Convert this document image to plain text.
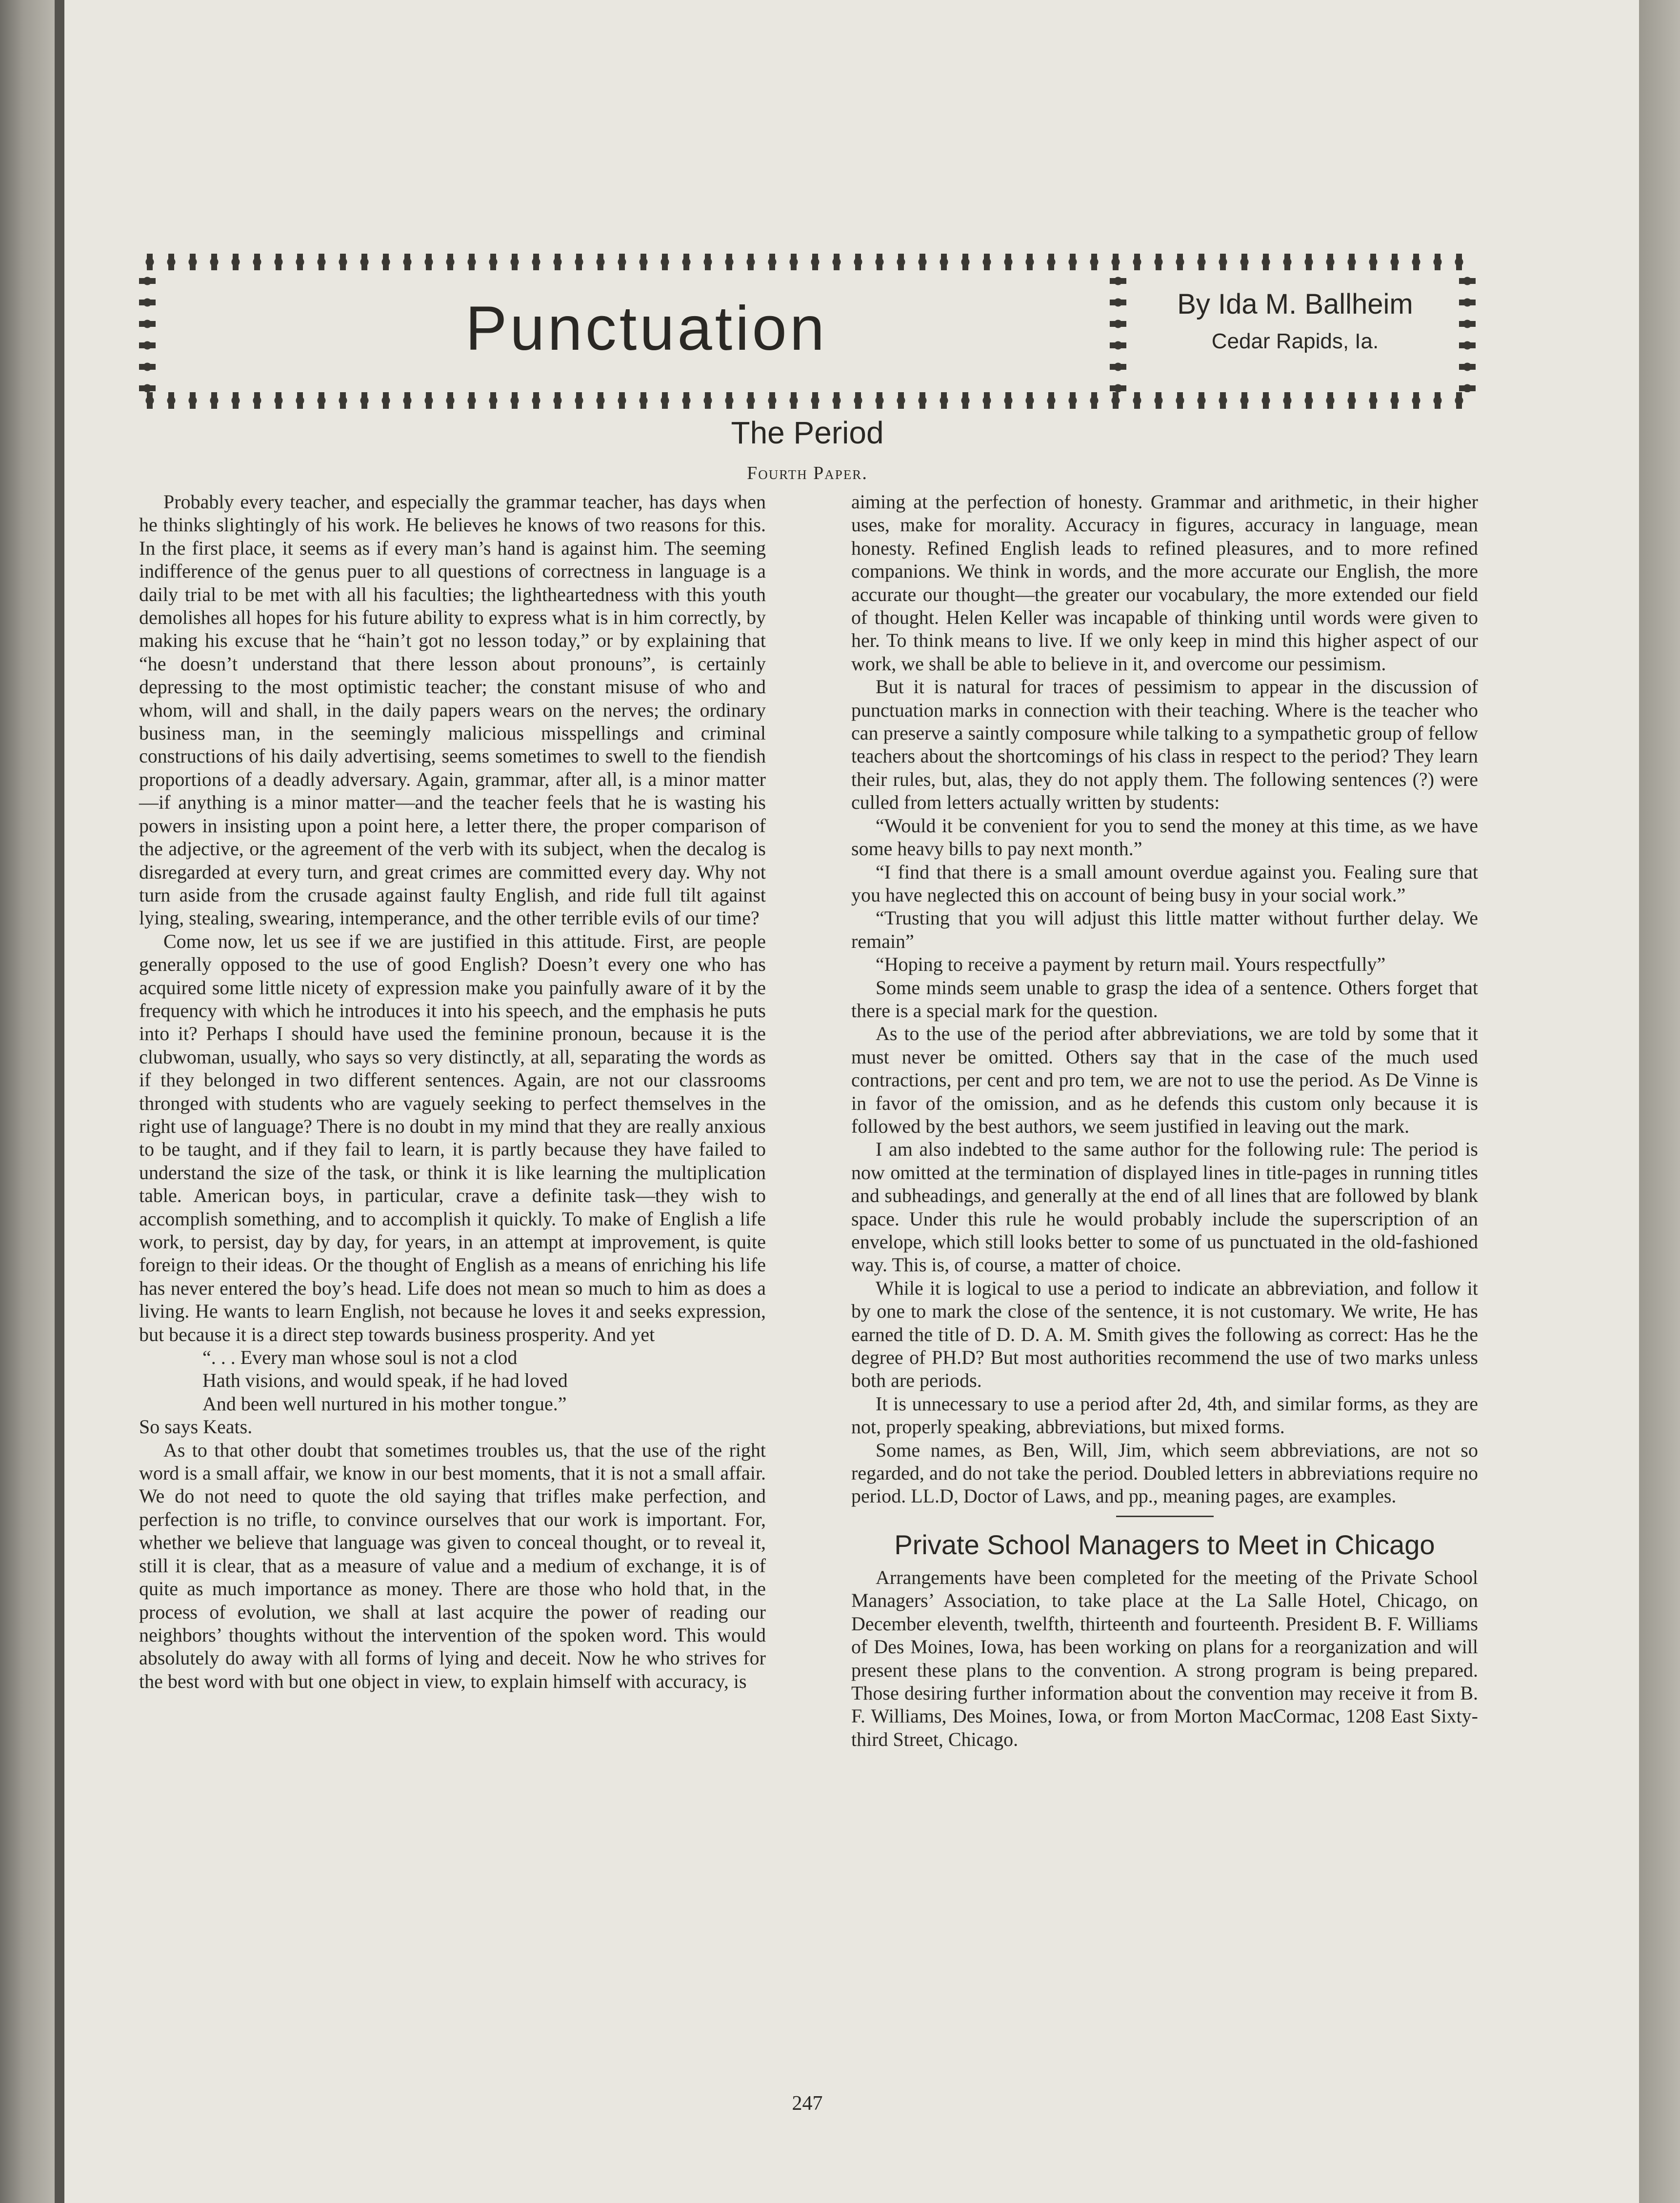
Punctuation	By Ida M. Ballheim
Cedar Rapids, Ia.
The Period
Fourth Paper.

Probably every teacher, and especially the grammar teacher, has days when he thinks slightingly of his work. He believes he knows of two reasons for this. In the first place, it seems as if every man’s hand is against him. The seeming indifference of the genus puer to all questions of correctness in language is a daily trial to be met with all his faculties; the lightheartedness with this youth demolishes all hopes for his future ability to express what is in him correctly, by making his excuse that he “hain’t got no lesson today,” or by explaining that “he doesn’t understand that there lesson about pronouns”, is certainly depressing to the most optimistic teacher; the constant misuse of who and whom, will and shall, in the daily papers wears on the nerves; the ordinary business man, in the seemingly malicious misspellings and criminal constructions of his daily advertising, seems sometimes to swell to the fiendish proportions of a deadly adversary. Again, grammar, after all, is a minor matter—if anything is a minor matter—and the teacher feels that he is wasting his powers in insisting upon a point here, a letter there, the proper comparison of the adjective, or the agreement of the verb with its subject, when the decalog is disregarded at every turn, and great crimes are committed every day. Why not turn aside from the crusade against faulty English, and ride full tilt against lying, stealing, swearing, intemperance, and the other terrible evils of our time?

Come now, let us see if we are justified in this attitude. First, are people generally opposed to the use of good English? Doesn’t every one who has acquired some little nicety of expression make you painfully aware of it by the frequency with which he introduces it into his speech, and the emphasis he puts into it? Perhaps I should have used the feminine pronoun, because it is the clubwoman, usually, who says so very distinctly, at all, separating the words as if they belonged in two different sentences. Again, are not our classrooms thronged with students who are vaguely seeking to perfect themselves in the right use of language? There is no doubt in my mind that they are really anxious to be taught, and if they fail to learn, it is partly because they have failed to understand the size of the task, or think it is like learning the multiplication table. American boys, in particular, crave a definite task—they wish to accomplish something, and to accomplish it quickly. To make of English a life work, to persist, day by day, for years, in an attempt at improvement, is quite foreign to their ideas. Or the thought of English as a means of enriching his life has never entered the boy’s head. Life does not mean so much to him as does a living. He wants to learn English, not because he loves it and seeks expression, but because it is a direct step towards business prosperity. And yet

“. . . Every man whose soul is not a clod
Hath visions, and would speak, if he had loved
And been well nurtured in his mother tongue.”

So says Keats.

As to that other doubt that sometimes troubles us, that the use of the right word is a small affair, we know in our best moments, that it is not a small affair. We do not need to quote the old saying that trifles make perfection, and perfection is no trifle, to convince ourselves that our work is important. For, whether we believe that language was given to conceal thought, or to reveal it, still it is clear, that as a measure of value and a medium of exchange, it is of quite as much importance as money. There are those who hold that, in the process of evolution, we shall at last acquire the power of reading our neighbors’ thoughts without the intervention of the spoken word. This would absolutely do away with all forms of lying and deceit. Now he who strives for the best word with but one object in view, to explain himself with accuracy, is

aiming at the perfection of honesty. Grammar and arithmetic, in their higher uses, make for morality. Accuracy in figures, accuracy in language, mean honesty. Refined English leads to refined pleasures, and to more refined companions. We think in words, and the more accurate our English, the more accurate our thought—the greater our vocabulary, the more extended our field of thought. Helen Keller was incapable of thinking until words were given to her. To think means to live. If we only keep in mind this higher aspect of our work, we shall be able to believe in it, and overcome our pessimism.

But it is natural for traces of pessimism to appear in the discussion of punctuation marks in connection with their teaching. Where is the teacher who can preserve a saintly composure while talking to a sympathetic group of fellow teachers about the shortcomings of his class in respect to the period? They learn their rules, but, alas, they do not apply them. The following sentences (?) were culled from letters actually written by students:

“Would it be convenient for you to send the money at this time, as we have some heavy bills to pay next month.”

“I find that there is a small amount overdue against you. Fealing sure that you have neglected this on account of being busy in your social work.”

“Trusting that you will adjust this little matter without further delay. We remain”

“Hoping to receive a payment by return mail. Yours respectfully”

Some minds seem unable to grasp the idea of a sentence. Others forget that there is a special mark for the question.

As to the use of the period after abbreviations, we are told by some that it must never be omitted. Others say that in the case of the much used contractions, per cent and pro tem, we are not to use the period. As De Vinne is in favor of the omission, and as he defends this custom only because it is followed by the best authors, we seem justified in leaving out the mark.

I am also indebted to the same author for the following rule: The period is now omitted at the termination of displayed lines in title-pages in running titles and subheadings, and generally at the end of all lines that are followed by blank space. Under this rule he would probably include the superscription of an envelope, which still looks better to some of us punctuated in the old-fashioned way. This is, of course, a matter of choice.

While it is logical to use a period to indicate an abbreviation, and follow it by one to mark the close of the sentence, it is not customary. We write, He has earned the title of D. D. A. M. Smith gives the following as correct: Has he the degree of PH.D? But most authorities recommend the use of two marks unless both are periods.

It is unnecessary to use a period after 2d, 4th, and similar forms, as they are not, properly speaking, abbreviations, but mixed forms.

Some names, as Ben, Will, Jim, which seem abbreviations, are not so regarded, and do not take the period. Doubled letters in abbreviations require no period. LL.D, Doctor of Laws, and pp., meaning pages, are examples.

Private School Managers to Meet in Chicago

Arrangements have been completed for the meeting of the Private School Managers’ Association, to take place at the La Salle Hotel, Chicago, on December eleventh, twelfth, thirteenth and fourteenth. President B. F. Williams of Des Moines, Iowa, has been working on plans for a reorganization and will present these plans to the convention. A strong program is being prepared. Those desiring further information about the convention may receive it from B. F. Williams, Des Moines, Iowa, or from Morton MacCormac, 1208 East Sixty-third Street, Chicago.

247
